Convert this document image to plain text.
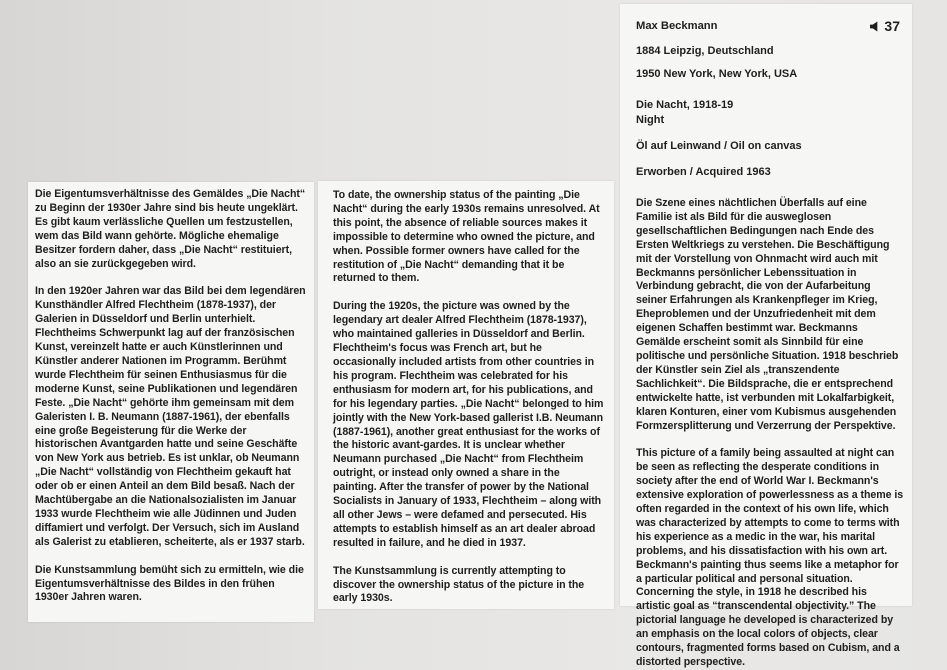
Die Eigentumsverhältnisse des Gemäldes „Die Nacht“ zu Beginn der 1930er Jahre sind bis heute ungeklärt. Es gibt kaum verlässliche Quellen um festzustellen, wem das Bild wann gehörte. Mögliche ehemalige Besitzer fordern daher, dass „Die Nacht“ restituiert, also an sie zurückgegeben wird.

In den 1920er Jahren war das Bild bei dem legendären Kunsthändler Alfred Flechtheim (1878-1937), der Galerien in Düsseldorf und Berlin unterhielt. Flechtheims Schwerpunkt lag auf der französischen Kunst, vereinzelt hatte er auch Künstlerinnen und Künstler anderer Nationen im Programm. Berühmt wurde Flechtheim für seinen Enthusiasmus für die moderne Kunst, seine Publikationen und legendären Feste. „Die Nacht“ gehörte ihm gemeinsam mit dem Galeristen I. B. Neumann (1887-1961), der ebenfalls eine große Begeisterung für die Werke der historischen Avantgarden hatte und seine Geschäfte von New York aus betrieb. Es ist unklar, ob Neumann „Die Nacht“ vollständig von Flechtheim gekauft hat oder ob er einen Anteil an dem Bild besaß. Nach der Machtübergabe an die Nationalsozialisten im Januar 1933 wurde Flechtheim wie alle Jüdinnen und Juden diffamiert und verfolgt. Der Versuch, sich im Ausland als Galerist zu etablieren, scheiterte, als er 1937 starb.

Die Kunstsammlung bemüht sich zu ermitteln, wie die Eigentumsverhältnisse des Bildes in den frühen 1930er Jahren waren.

To date, the ownership status of the painting „Die Nacht“ during the early 1930s remains unresolved. At this point, the absence of reliable sources makes it impossible to determine who owned the picture, and when. Possible former owners have called for the restitution of „Die Nacht“ demanding that it be returned to them.

During the 1920s, the picture was owned by the legendary art dealer Alfred Flechtheim (1878-1937), who maintained galleries in Düsseldorf and Berlin. Flechtheim's focus was French art, but he occasionally included artists from other countries in his program. Flechtheim was celebrated for his enthusiasm for modern art, for his publications, and for his legendary parties. „Die Nacht“ belonged to him jointly with the New York-based gallerist I.B. Neumann (1887-1961), another great enthusiast for the works of the historic avant-gardes. It is unclear whether Neumann purchased „Die Nacht“ from Flechtheim outright, or instead only owned a share in the painting. After the transfer of power by the National Socialists in January of 1933, Flechtheim – along with all other Jews – were defamed and persecuted. His attempts to establish himself as an art dealer abroad resulted in failure, and he died in 1937.

The Kunstsammlung is currently attempting to discover the ownership status of the picture in the early 1930s.

Max Beckmann	37
1884 Leipzig, Deutschland
1950 New York, New York, USA
Die Nacht, 1918-19
Night
Öl auf Leinwand / Oil on canvas
Erworben / Acquired 1963

Die Szene eines nächtlichen Überfalls auf eine Familie ist als Bild für die ausweglosen gesellschaftlichen Bedingungen nach Ende des Ersten Weltkriegs zu verstehen. Die Beschäftigung mit der Vorstellung von Ohnmacht wird auch mit Beckmanns persönlicher Lebenssituation in Verbindung gebracht, die von der Aufarbeitung seiner Erfahrungen als Krankenpfleger im Krieg, Eheproblemen und der Unzufriedenheit mit dem eigenen Schaffen bestimmt war. Beckmanns Gemälde erscheint somit als Sinnbild für eine politische und persönliche Situation. 1918 beschrieb der Künstler sein Ziel als „transzendente Sachlichkeit“. Die Bildsprache, die er entsprechend entwickelte hatte, ist verbunden mit Lokalfarbigkeit, klaren Konturen, einer vom Kubismus ausgehenden Formzersplitterung und Verzerrung der Perspektive.

This picture of a family being assaulted at night can be seen as reflecting the desperate conditions in society after the end of World War I. Beckmann's extensive exploration of powerlessness as a theme is often regarded in the context of his own life, which was characterized by attempts to come to terms with his experience as a medic in the war, his marital problems, and his dissatisfaction with his own art. Beckmann's painting thus seems like a metaphor for a particular political and personal situation. Concerning the style, in 1918 he described his artistic goal as “transcendental objectivity.” The pictorial language he developed is characterized by an emphasis on the local colors of objects, clear contours, fragmented forms based on Cubism, and a distorted perspective.
